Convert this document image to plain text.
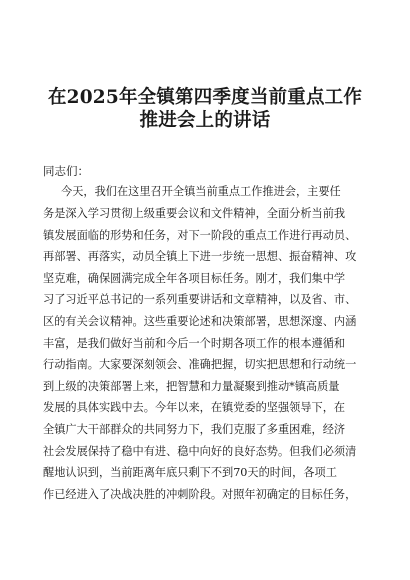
在2025年全镇第四季度当前重点工作
推进会上的讲话
同志们：
今天，我们在这里召开全镇当前重点工作推进会，主要任
务是深入学习贯彻上级重要会议和文件精神，全面分析当前我
镇发展面临的形势和任务，对下一阶段的重点工作进行再动员、
再部署、再落实，动员全镇上下进一步统一思想、振奋精神、攻
坚克难，确保圆满完成全年各项目标任务。刚才，我们集中学
习了习近平总书记的一系列重要讲话和文章精神，以及省、市、
区的有关会议精神。这些重要论述和决策部署，思想深邃、内涵
丰富，是我们做好当前和今后一个时期各项工作的根本遵循和
行动指南。大家要深刻领会、准确把握，切实把思想和行动统一
到上级的决策部署上来，把智慧和力量凝聚到推动*镇高质量
发展的具体实践中去。今年以来，在镇党委的坚强领导下，在
全镇广大干部群众的共同努力下，我们克服了多重困难，经济
社会发展保持了稳中有进、稳中向好的良好态势。但我们必须清
醒地认识到，当前距离年底只剩下不到70天的时间，各项工
作已经进入了决战决胜的冲刺阶段。对照年初确定的目标任务，
